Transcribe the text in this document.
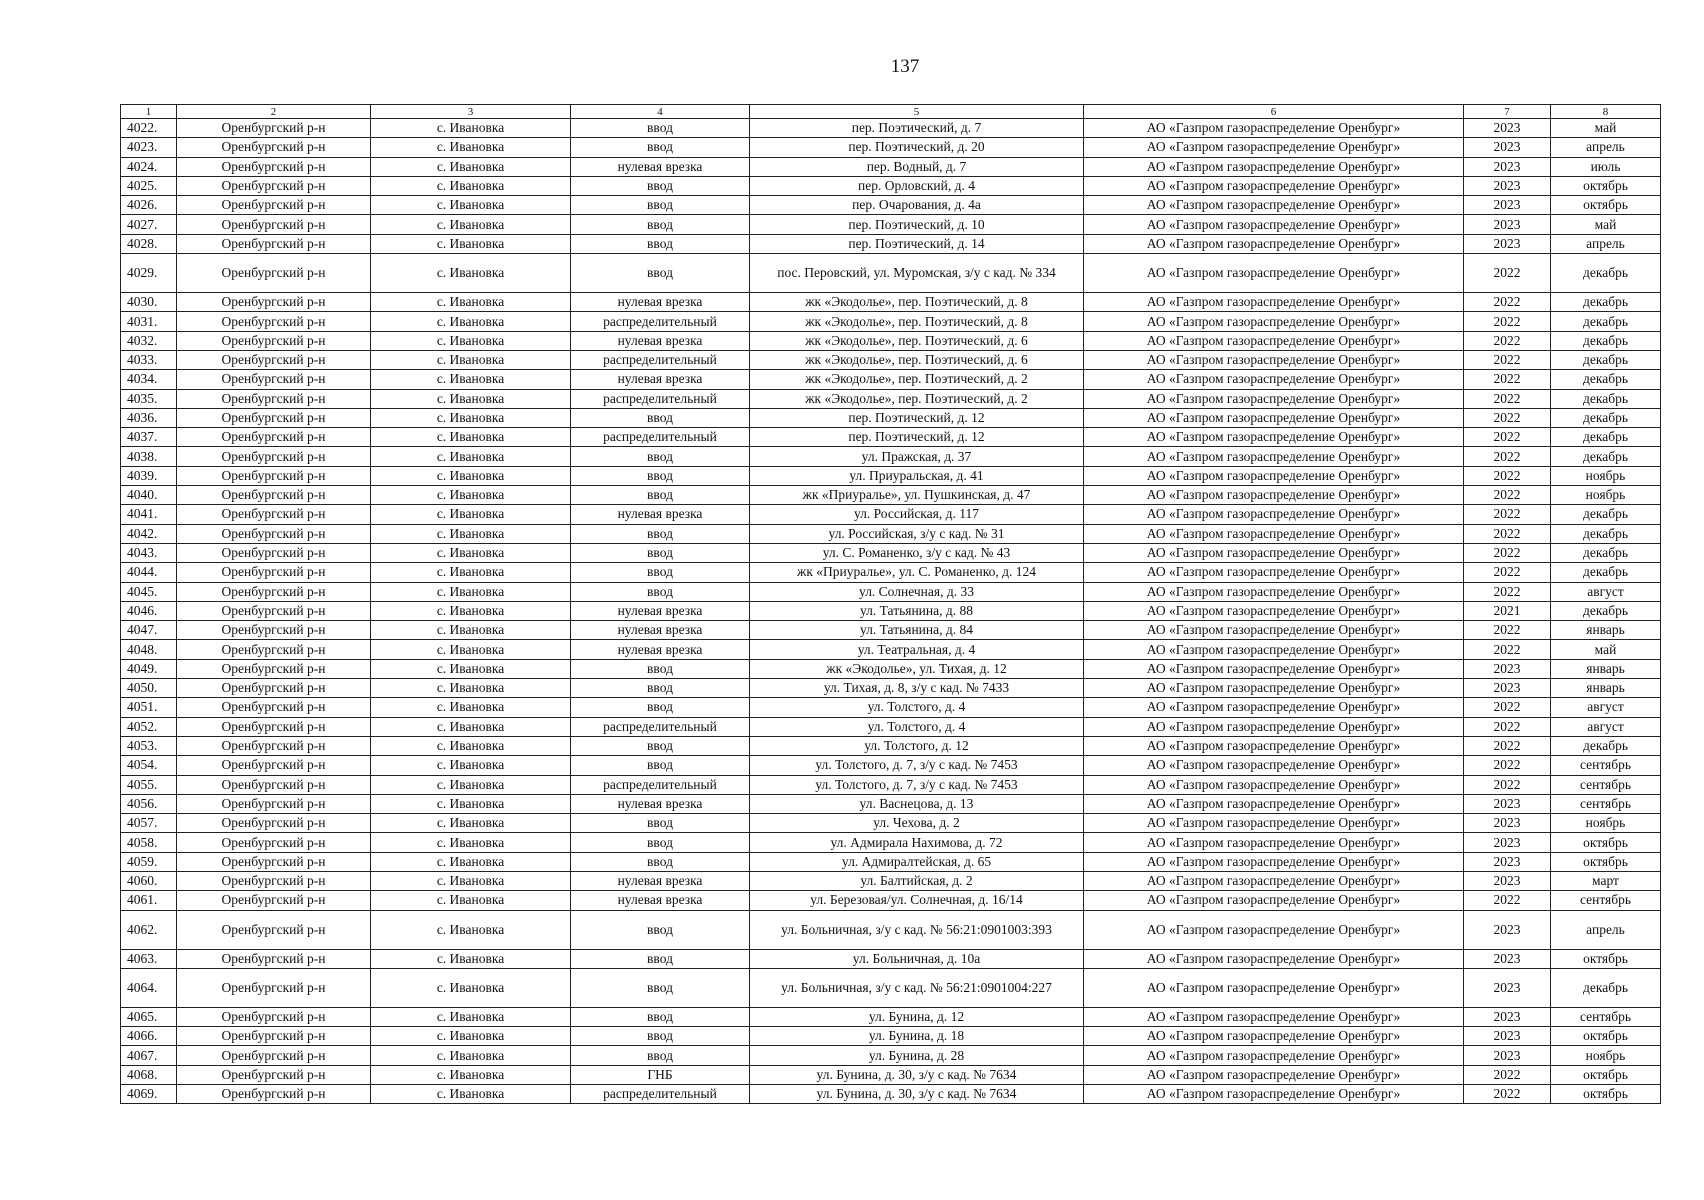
137
1	2	3	4	5	6	7	8
4022.	Оренбургский р-н	с. Ивановка	ввод	пер. Поэтический, д. 7	АО «Газпром газораспределение Оренбург»	2023	май
4023.	Оренбургский р-н	с. Ивановка	ввод	пер. Поэтический, д. 20	АО «Газпром газораспределение Оренбург»	2023	апрель
4024.	Оренбургский р-н	с. Ивановка	нулевая врезка	пер. Водный, д. 7	АО «Газпром газораспределение Оренбург»	2023	июль
4025.	Оренбургский р-н	с. Ивановка	ввод	пер. Орловский, д. 4	АО «Газпром газораспределение Оренбург»	2023	октябрь
4026.	Оренбургский р-н	с. Ивановка	ввод	пер. Очарования, д. 4а	АО «Газпром газораспределение Оренбург»	2023	октябрь
4027.	Оренбургский р-н	с. Ивановка	ввод	пер. Поэтический, д. 10	АО «Газпром газораспределение Оренбург»	2023	май
4028.	Оренбургский р-н	с. Ивановка	ввод	пер. Поэтический, д. 14	АО «Газпром газораспределение Оренбург»	2023	апрель
4029.	Оренбургский р-н	с. Ивановка	ввод	пос. Перовский, ул. Муромская, з/у с кад. № 334	АО «Газпром газораспределение Оренбург»	2022	декабрь
4030.	Оренбургский р-н	с. Ивановка	нулевая врезка	жк «Экодолье», пер. Поэтический, д. 8	АО «Газпром газораспределение Оренбург»	2022	декабрь
4031.	Оренбургский р-н	с. Ивановка	распределительный	жк «Экодолье», пер. Поэтический, д. 8	АО «Газпром газораспределение Оренбург»	2022	декабрь
4032.	Оренбургский р-н	с. Ивановка	нулевая врезка	жк «Экодолье», пер. Поэтический, д. 6	АО «Газпром газораспределение Оренбург»	2022	декабрь
4033.	Оренбургский р-н	с. Ивановка	распределительный	жк «Экодолье», пер. Поэтический, д. 6	АО «Газпром газораспределение Оренбург»	2022	декабрь
4034.	Оренбургский р-н	с. Ивановка	нулевая врезка	жк «Экодолье», пер. Поэтический, д. 2	АО «Газпром газораспределение Оренбург»	2022	декабрь
4035.	Оренбургский р-н	с. Ивановка	распределительный	жк «Экодолье», пер. Поэтический, д. 2	АО «Газпром газораспределение Оренбург»	2022	декабрь
4036.	Оренбургский р-н	с. Ивановка	ввод	пер. Поэтический, д. 12	АО «Газпром газораспределение Оренбург»	2022	декабрь
4037.	Оренбургский р-н	с. Ивановка	распределительный	пер. Поэтический, д. 12	АО «Газпром газораспределение Оренбург»	2022	декабрь
4038.	Оренбургский р-н	с. Ивановка	ввод	ул. Пражская, д. 37	АО «Газпром газораспределение Оренбург»	2022	декабрь
4039.	Оренбургский р-н	с. Ивановка	ввод	ул. Приуральская, д. 41	АО «Газпром газораспределение Оренбург»	2022	ноябрь
4040.	Оренбургский р-н	с. Ивановка	ввод	жк «Приуралье», ул. Пушкинская, д. 47	АО «Газпром газораспределение Оренбург»	2022	ноябрь
4041.	Оренбургский р-н	с. Ивановка	нулевая врезка	ул. Российская, д. 117	АО «Газпром газораспределение Оренбург»	2022	декабрь
4042.	Оренбургский р-н	с. Ивановка	ввод	ул. Российская, з/у с кад. № 31	АО «Газпром газораспределение Оренбург»	2022	декабрь
4043.	Оренбургский р-н	с. Ивановка	ввод	ул. С. Романенко, з/у с кад. № 43	АО «Газпром газораспределение Оренбург»	2022	декабрь
4044.	Оренбургский р-н	с. Ивановка	ввод	жк «Приуралье», ул. С. Романенко, д. 124	АО «Газпром газораспределение Оренбург»	2022	декабрь
4045.	Оренбургский р-н	с. Ивановка	ввод	ул. Солнечная, д. 33	АО «Газпром газораспределение Оренбург»	2022	август
4046.	Оренбургский р-н	с. Ивановка	нулевая врезка	ул. Татьянина, д. 88	АО «Газпром газораспределение Оренбург»	2021	декабрь
4047.	Оренбургский р-н	с. Ивановка	нулевая врезка	ул. Татьянина, д. 84	АО «Газпром газораспределение Оренбург»	2022	январь
4048.	Оренбургский р-н	с. Ивановка	нулевая врезка	ул. Театральная, д. 4	АО «Газпром газораспределение Оренбург»	2022	май
4049.	Оренбургский р-н	с. Ивановка	ввод	жк «Экодолье», ул. Тихая, д. 12	АО «Газпром газораспределение Оренбург»	2023	январь
4050.	Оренбургский р-н	с. Ивановка	ввод	ул. Тихая, д. 8, з/у с кад. № 7433	АО «Газпром газораспределение Оренбург»	2023	январь
4051.	Оренбургский р-н	с. Ивановка	ввод	ул. Толстого, д. 4	АО «Газпром газораспределение Оренбург»	2022	август
4052.	Оренбургский р-н	с. Ивановка	распределительный	ул. Толстого, д. 4	АО «Газпром газораспределение Оренбург»	2022	август
4053.	Оренбургский р-н	с. Ивановка	ввод	ул. Толстого, д. 12	АО «Газпром газораспределение Оренбург»	2022	декабрь
4054.	Оренбургский р-н	с. Ивановка	ввод	ул. Толстого, д. 7, з/у с кад. № 7453	АО «Газпром газораспределение Оренбург»	2022	сентябрь
4055.	Оренбургский р-н	с. Ивановка	распределительный	ул. Толстого, д. 7, з/у с кад. № 7453	АО «Газпром газораспределение Оренбург»	2022	сентябрь
4056.	Оренбургский р-н	с. Ивановка	нулевая врезка	ул. Васнецова, д. 13	АО «Газпром газораспределение Оренбург»	2023	сентябрь
4057.	Оренбургский р-н	с. Ивановка	ввод	ул. Чехова, д. 2	АО «Газпром газораспределение Оренбург»	2023	ноябрь
4058.	Оренбургский р-н	с. Ивановка	ввод	ул. Адмирала Нахимова, д. 72	АО «Газпром газораспределение Оренбург»	2023	октябрь
4059.	Оренбургский р-н	с. Ивановка	ввод	ул. Адмиралтейская, д. 65	АО «Газпром газораспределение Оренбург»	2023	октябрь
4060.	Оренбургский р-н	с. Ивановка	нулевая врезка	ул. Балтийская, д. 2	АО «Газпром газораспределение Оренбург»	2023	март
4061.	Оренбургский р-н	с. Ивановка	нулевая врезка	ул. Березовая/ул. Солнечная, д. 16/14	АО «Газпром газораспределение Оренбург»	2022	сентябрь
4062.	Оренбургский р-н	с. Ивановка	ввод	ул. Больничная, з/у с кад. № 56:21:0901003:393	АО «Газпром газораспределение Оренбург»	2023	апрель
4063.	Оренбургский р-н	с. Ивановка	ввод	ул. Больничная, д. 10а	АО «Газпром газораспределение Оренбург»	2023	октябрь
4064.	Оренбургский р-н	с. Ивановка	ввод	ул. Больничная, з/у с кад. № 56:21:0901004:227	АО «Газпром газораспределение Оренбург»	2023	декабрь
4065.	Оренбургский р-н	с. Ивановка	ввод	ул. Бунина, д. 12	АО «Газпром газораспределение Оренбург»	2023	сентябрь
4066.	Оренбургский р-н	с. Ивановка	ввод	ул. Бунина, д. 18	АО «Газпром газораспределение Оренбург»	2023	октябрь
4067.	Оренбургский р-н	с. Ивановка	ввод	ул. Бунина, д. 28	АО «Газпром газораспределение Оренбург»	2023	ноябрь
4068.	Оренбургский р-н	с. Ивановка	ГНБ	ул. Бунина, д. 30, з/у с кад. № 7634	АО «Газпром газораспределение Оренбург»	2022	октябрь
4069.	Оренбургский р-н	с. Ивановка	распределительный	ул. Бунина, д. 30, з/у с кад. № 7634	АО «Газпром газораспределение Оренбург»	2022	октябрь
